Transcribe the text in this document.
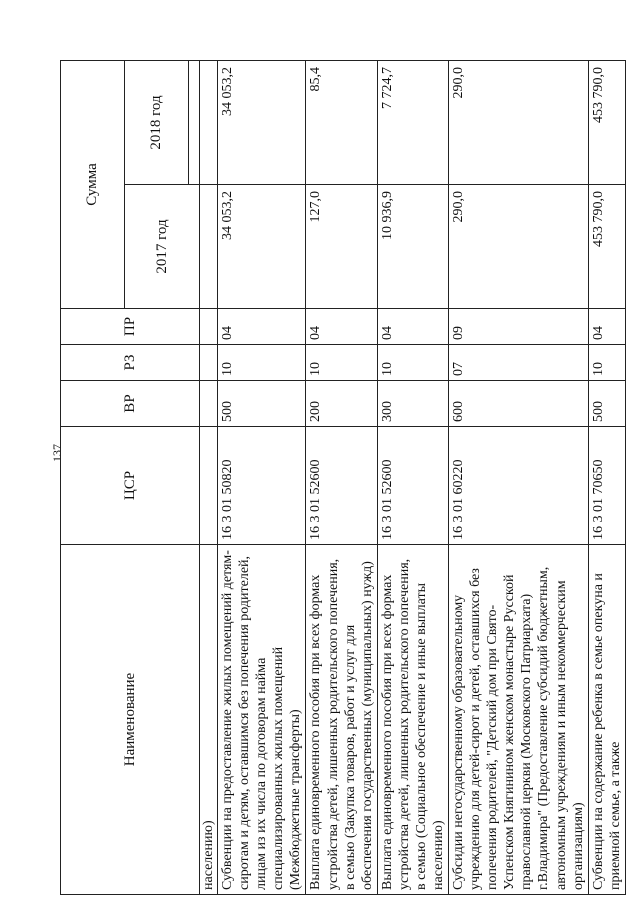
137
Наименование	ЦСР	ВР	РЗ	ПР	Сумма	
					2017 год	2018 год

населению)						
Субвенции на предоставление жилых помещений детям-сиротам и детям, оставшимся без попечения родителей, лицам из их числа по договорам найма специализированных жилых помещений (Межбюджетные трансферты)	16 3 01 50820	500	10	04	34 053,2	34 053,2
Выплата единовременного пособия при всех формах устройства детей, лишенных родительского попечения, в семью (Закупка товаров, работ и услуг для обеспечения государственных (муниципальных) нужд)	16 3 01 52600	200	10	04	127,0	85,4
Выплата единовременного пособия при всех формах устройства детей, лишенных родительского попечения, в семью (Социальное обеспечение и иные выплаты населению)	16 3 01 52600	300	10	04	10 936,9	7 724,7
Субсидии негосударственному образовательному учреждению для детей-сирот и детей, оставшихся без попечения родителей, "Детский дом при Свято-Успенском Княгинином женском монастыре Русской православной церкви (Московского Патриархата) г.Владимира" (Предоставление субсидий бюджетным, автономным учреждениям и иным некоммерческим организациям)	16 3 01 60220	600	07	09	290,0	290,0
Субвенции на содержание ребенка в семье опекуна и приемной семье, а также	16 3 01 70650	500	10	04	453 790,0	453 790,0
